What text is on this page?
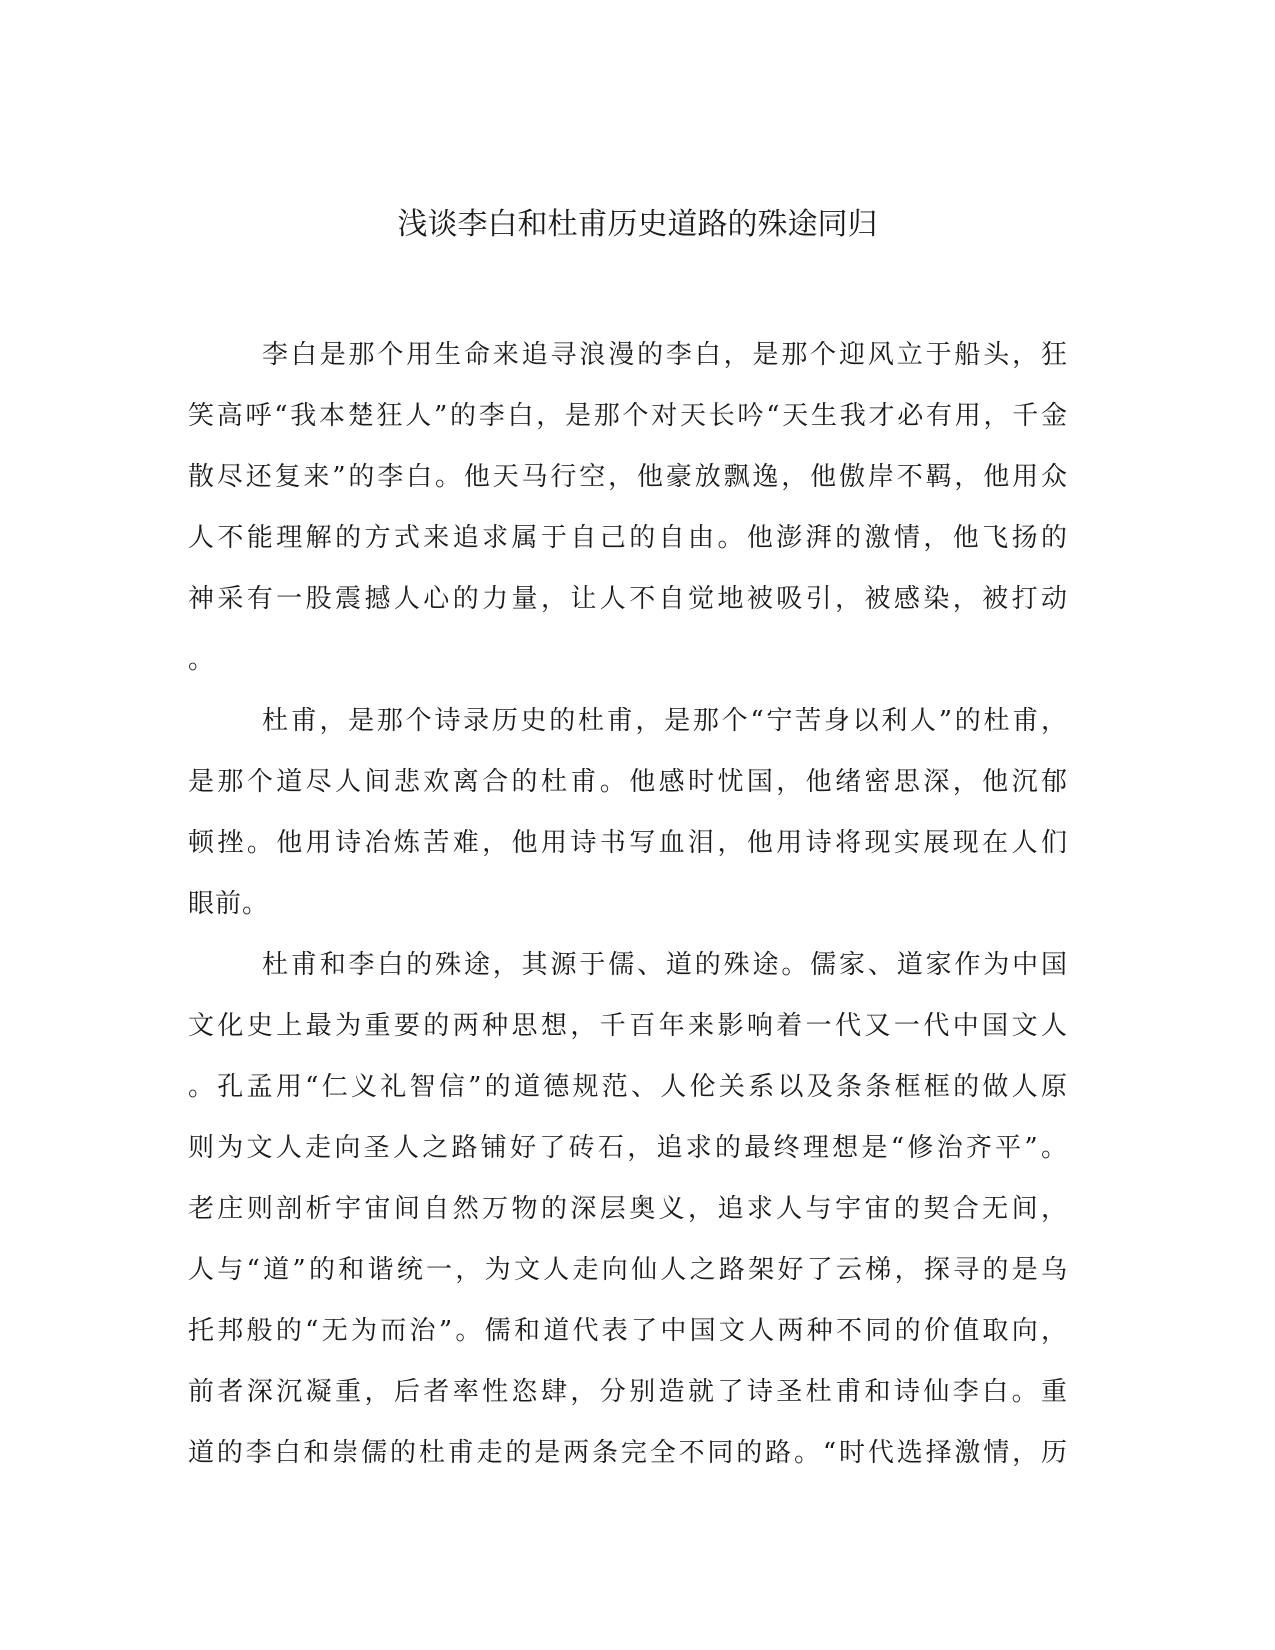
浅谈李白和杜甫历史道路的殊途同归
李白是那个用生命来追寻浪漫的李白，是那个迎风立于船头，狂
笑高呼“我本楚狂人”的李白，是那个对天长吟“天生我才必有用，千金
散尽还复来”的李白。他天马行空，他豪放飘逸，他傲岸不羁，他用众
人不能理解的方式来追求属于自己的自由。他澎湃的激情，他飞扬的
神采有一股震撼人心的力量，让人不自觉地被吸引，被感染，被打动
。
杜甫，是那个诗录历史的杜甫，是那个“宁苦身以利人”的杜甫，
是那个道尽人间悲欢离合的杜甫。他感时忧国，他绪密思深，他沉郁
顿挫。他用诗冶炼苦难，他用诗书写血泪，他用诗将现实展现在人们
眼前。
杜甫和李白的殊途，其源于儒、道的殊途。儒家、道家作为中国
文化史上最为重要的两种思想，千百年来影响着一代又一代中国文人
。孔孟用“仁义礼智信”的道德规范、人伦关系以及条条框框的做人原
则为文人走向圣人之路铺好了砖石，追求的最终理想是“修治齐平”。
老庄则剖析宇宙间自然万物的深层奥义，追求人与宇宙的契合无间，
人与“道”的和谐统一，为文人走向仙人之路架好了云梯，探寻的是乌
托邦般的“无为而治”。儒和道代表了中国文人两种不同的价值取向，
前者深沉凝重，后者率性恣肆，分别造就了诗圣杜甫和诗仙李白。重
道的李白和崇儒的杜甫走的是两条完全不同的路。“时代选择激情，历
